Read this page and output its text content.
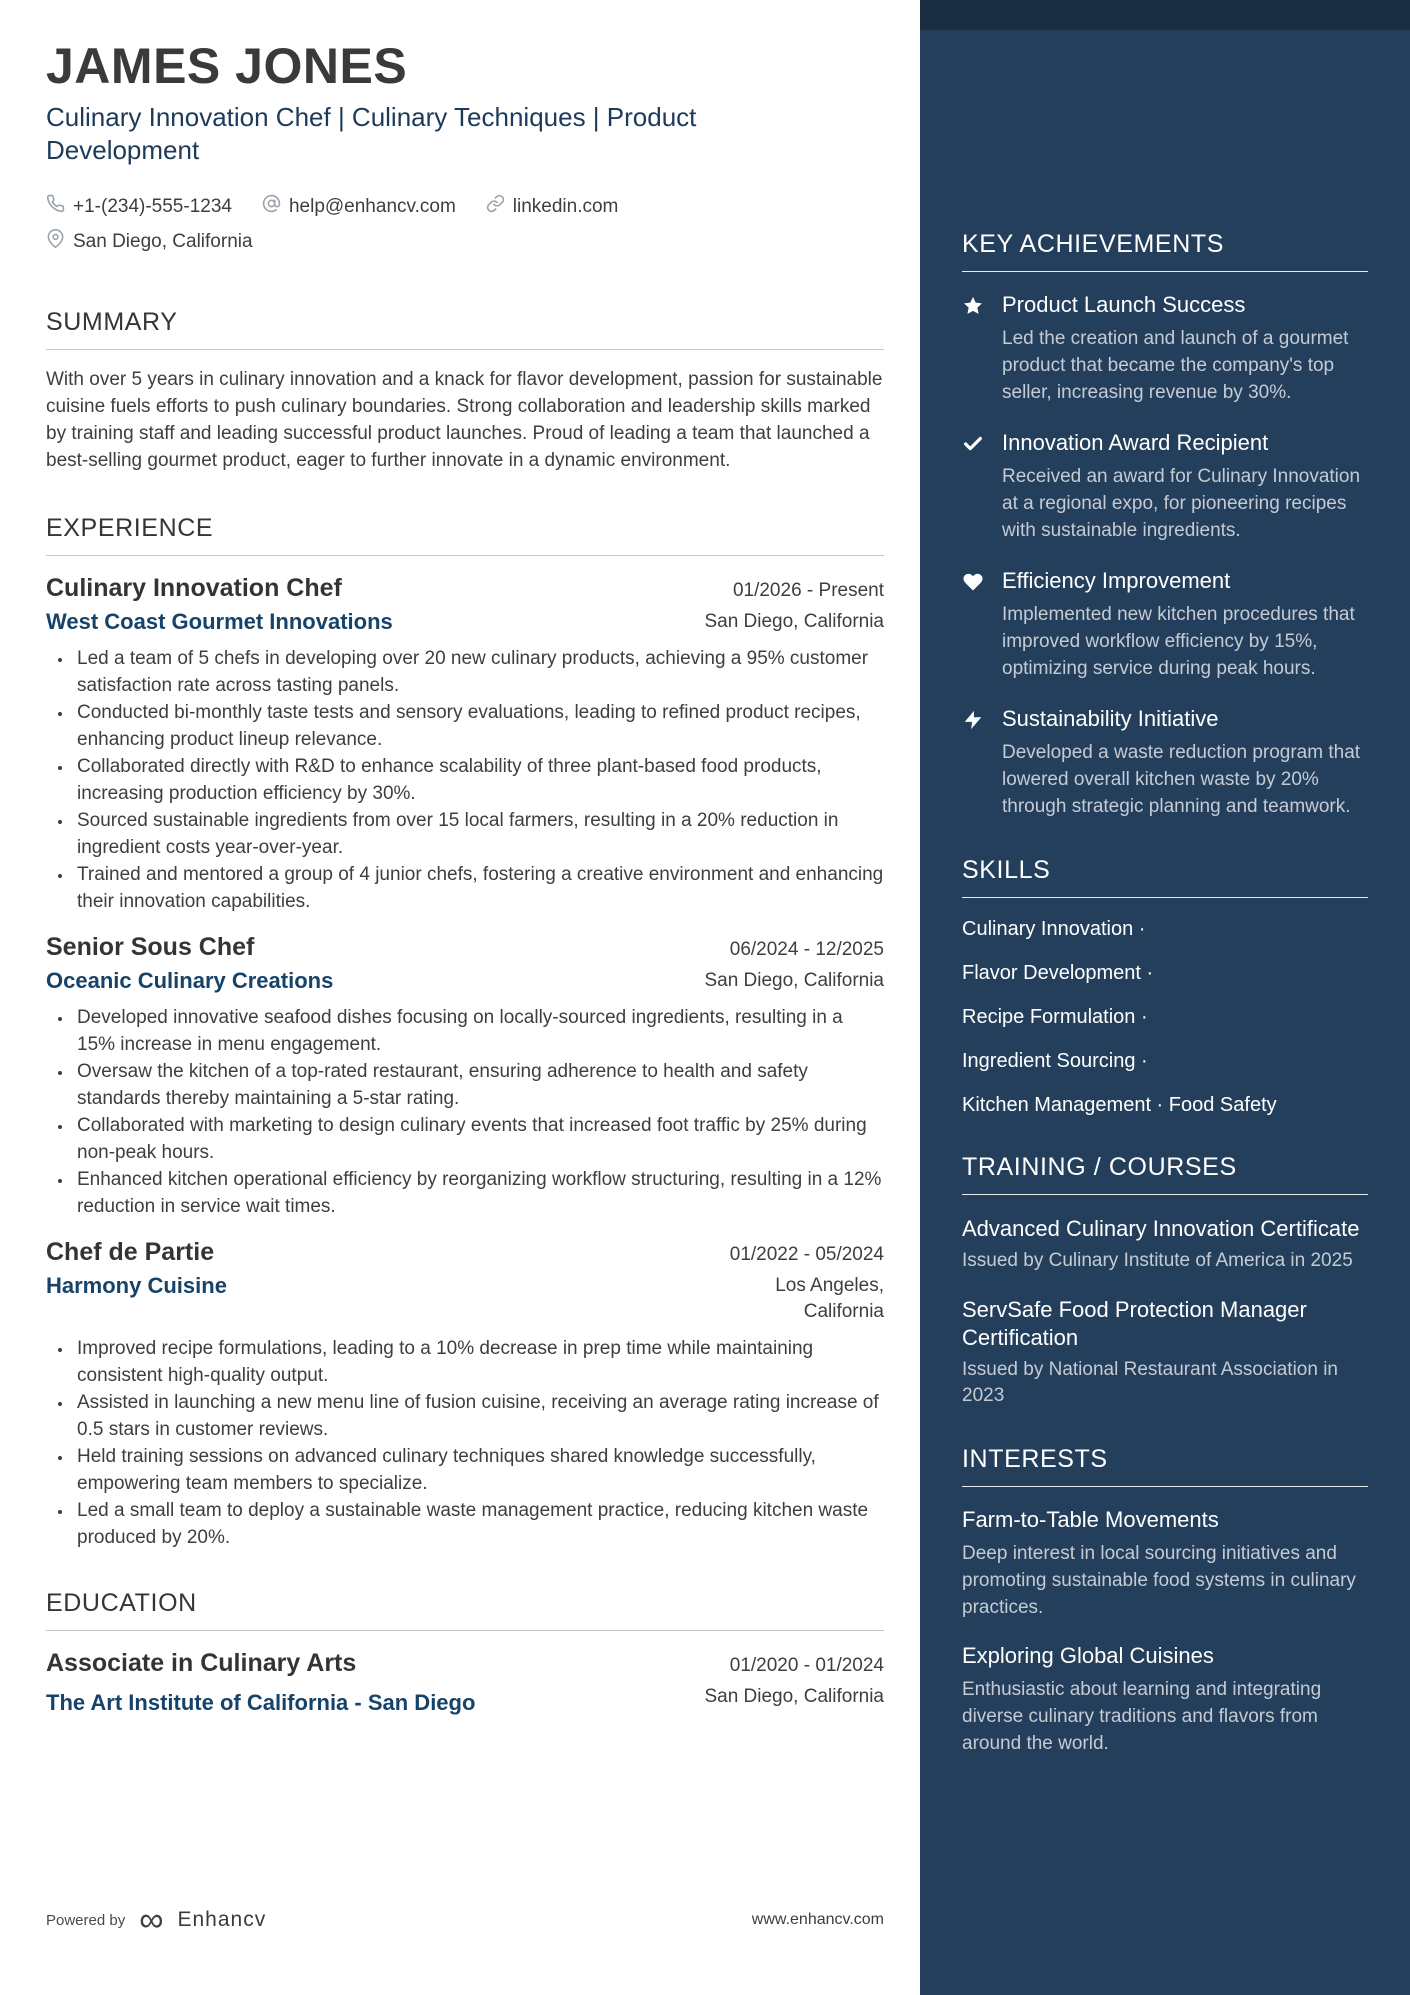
JAMES JONES
Culinary Innovation Chef | Culinary Techniques | Product Development
+1-(234)-555-1234	help@enhancv.com	linkedin.com
San Diego, California
SUMMARY

With over 5 years in culinary innovation and a knack for flavor development, passion for sustainable cuisine fuels efforts to push culinary boundaries. Strong collaboration and leadership skills marked by training staff and leading successful product launches. Proud of leading a team that launched a best-selling gourmet product, eager to further innovate in a dynamic environment.

EXPERIENCE
Culinary Innovation Chef	01/2026 - Present
West Coast Gourmet Innovations	San Diego, California
• Led a team of 5 chefs in developing over 20 new culinary products, achieving a 95% customer satisfaction rate across tasting panels.
• Conducted bi-monthly taste tests and sensory evaluations, leading to refined product recipes, enhancing product lineup relevance.
• Collaborated directly with R&D to enhance scalability of three plant-based food products, increasing production efficiency by 30%.
• Sourced sustainable ingredients from over 15 local farmers, resulting in a 20% reduction in ingredient costs year-over-year.
• Trained and mentored a group of 4 junior chefs, fostering a creative environment and enhancing their innovation capabilities.
Senior Sous Chef	06/2024 - 12/2025
Oceanic Culinary Creations	San Diego, California
• Developed innovative seafood dishes focusing on locally-sourced ingredients, resulting in a 15% increase in menu engagement.
• Oversaw the kitchen of a top-rated restaurant, ensuring adherence to health and safety standards thereby maintaining a 5-star rating.
• Collaborated with marketing to design culinary events that increased foot traffic by 25% during non-peak hours.
• Enhanced kitchen operational efficiency by reorganizing workflow structuring, resulting in a 12% reduction in service wait times.
Chef de Partie	01/2022 - 05/2024
Harmony Cuisine	Los Angeles, California
• Improved recipe formulations, leading to a 10% decrease in prep time while maintaining consistent high-quality output.
• Assisted in launching a new menu line of fusion cuisine, receiving an average rating increase of 0.5 stars in customer reviews.
• Held training sessions on advanced culinary techniques shared knowledge successfully, empowering team members to specialize.
• Led a small team to deploy a sustainable waste management practice, reducing kitchen waste produced by 20%.
EDUCATION
Associate in Culinary Arts	01/2020 - 01/2024
The Art Institute of California - San Diego	San Diego, California
Powered by ∞ Enhancv	www.enhancv.com
KEY ACHIEVEMENTS
Product Launch Success
Led the creation and launch of a gourmet product that became the company's top seller, increasing revenue by 30%.
Innovation Award Recipient
Received an award for Culinary Innovation at a regional expo, for pioneering recipes with sustainable ingredients.
Efficiency Improvement
Implemented new kitchen procedures that improved workflow efficiency by 15%, optimizing service during peak hours.
Sustainability Initiative
Developed a waste reduction program that lowered overall kitchen waste by 20% through strategic planning and teamwork.
SKILLS
Culinary Innovation ·
Flavor Development ·
Recipe Formulation ·
Ingredient Sourcing ·
Kitchen Management · Food Safety
TRAINING / COURSES
Advanced Culinary Innovation Certificate
Issued by Culinary Institute of America in 2025
ServSafe Food Protection Manager Certification
Issued by National Restaurant Association in 2023
INTERESTS
Farm-to-Table Movements
Deep interest in local sourcing initiatives and promoting sustainable food systems in culinary practices.
Exploring Global Cuisines
Enthusiastic about learning and integrating diverse culinary traditions and flavors from around the world.
